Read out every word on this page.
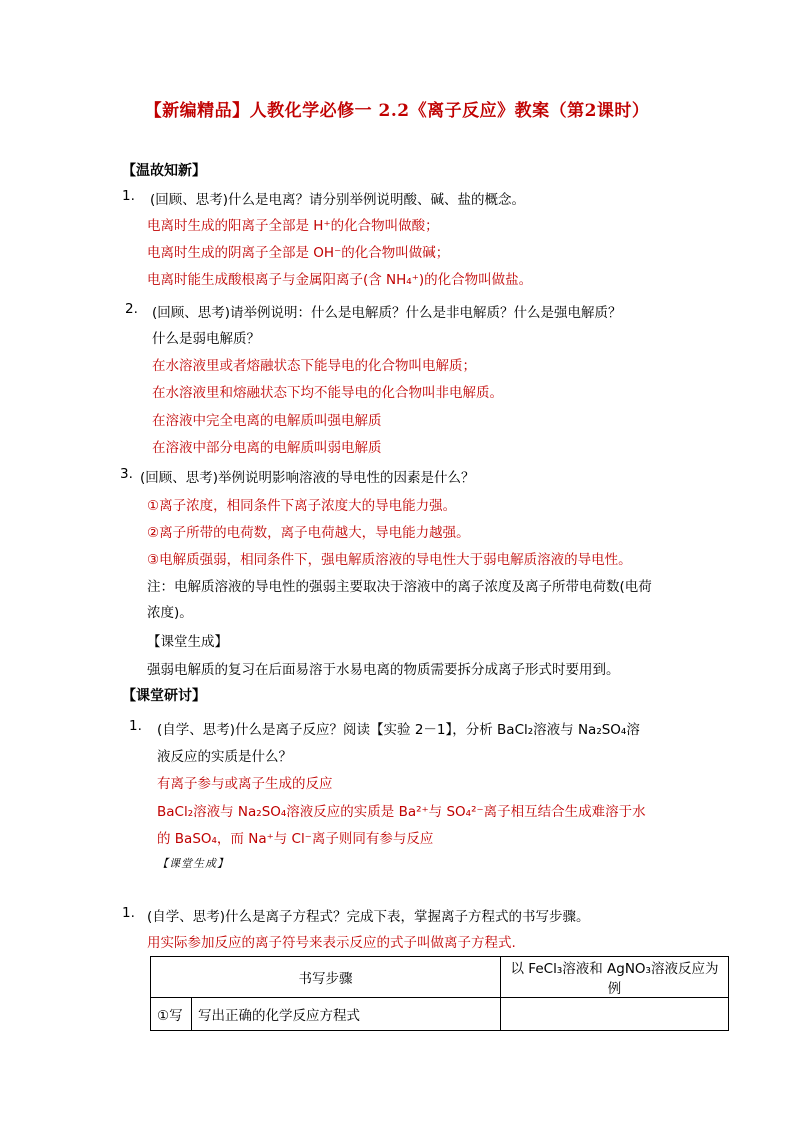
【新编精品】人教化学必修一 2.2《离子反应》教案（第2课时）
【温故知新】
1. (回顾、思考)什么是电离？请分别举例说明酸、碱、盐的概念。
电离时生成的阳离子全部是 H⁺的化合物叫做酸；
电离时生成的阴离子全部是 OH⁻的化合物叫做碱；
电离时能生成酸根离子与金属阳离子(含 NH₄⁺)的化合物叫做盐。
2. (回顾、思考)请举例说明：什么是电解质？什么是非电解质？什么是强电解质？
什么是弱电解质？
在水溶液里或者熔融状态下能导电的化合物叫电解质；
在水溶液里和熔融状态下均不能导电的化合物叫非电解质。
在溶液中完全电离的电解质叫强电解质
在溶液中部分电离的电解质叫弱电解质
3. (回顾、思考)举例说明影响溶液的导电性的因素是什么？
①离子浓度，相同条件下离子浓度大的导电能力强。
②离子所带的电荷数，离子电荷越大，导电能力越强。
③电解质强弱，相同条件下，强电解质溶液的导电性大于弱电解质溶液的导电性。
注：电解质溶液的导电性的强弱主要取决于溶液中的离子浓度及离子所带电荷数(电荷
浓度)。
【课堂生成】
强弱电解质的复习在后面易溶于水易电离的物质需要拆分成离子形式时要用到。
【课堂研讨】
1. (自学、思考)什么是离子反应？阅读【实验 2－1】，分析 BaCl₂溶液与 Na₂SO₄溶
液反应的实质是什么？
有离子参与或离子生成的反应
BaCl₂溶液与 Na₂SO₄溶液反应的实质是 Ba²⁺与 SO₄²⁻离子相互结合生成难溶于水
的 BaSO₄，而 Na⁺与 Cl⁻离子则同有参与反应
【课堂生成】
1. (自学、思考)什么是离子方程式？完成下表，掌握离子方程式的书写步骤。
用实际参加反应的离子符号来表示反应的式子叫做离子方程式.
书写步骤		以 FeCl₃溶液和 AgNO₃溶液反应为例
①写	写出正确的化学反应方程式	
